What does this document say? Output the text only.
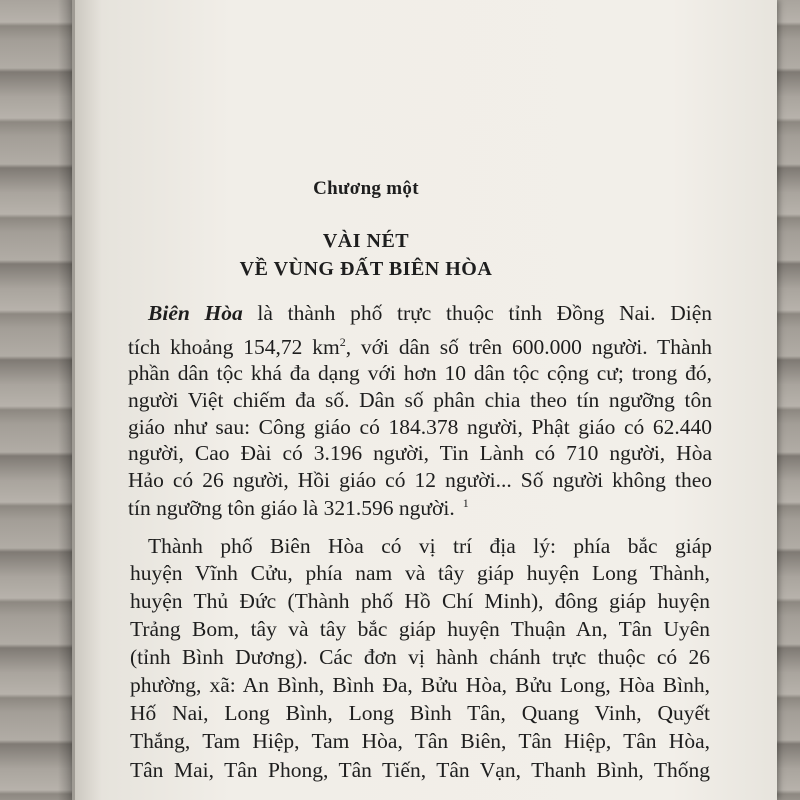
Chương một
VÀI NÉT
VỀ VÙNG ĐẤT BIÊN HÒA
Biên Hòa là thành phố trực thuộc tỉnh Đồng Nai. Diện
tích khoảng 154,72 $km^2$, với dân số trên 600.000 người. Thành
phần dân tộc khá đa dạng với hơn 10 dân tộc cộng cư; trong đó,
người Việt chiếm đa số. Dân số phân chia theo tín ngưỡng tôn
giáo như sau: Công giáo có 184.378 người, Phật giáo có 62.440
người, Cao Đài có 3.196 người, Tin Lành có 710 người, Hòa
Hảo có 26 người, Hồi giáo có 12 người... Số người không theo
tín ngưỡng tôn giáo là 321.596 người. $^1$
Thành phố Biên Hòa có vị trí địa lý: phía bắc giáp
huyện Vĩnh Cửu, phía nam và tây giáp huyện Long Thành,
huyện Thủ Đức (Thành phố Hồ Chí Minh), đông giáp huyện
Trảng Bom, tây và tây bắc giáp huyện Thuận An, Tân Uyên
(tỉnh Bình Dương). Các đơn vị hành chánh trực thuộc có 26
phường, xã: An Bình, Bình Đa, Bửu Hòa, Bửu Long, Hòa Bình,
Hố Nai, Long Bình, Long Bình Tân, Quang Vinh, Quyết
Thắng, Tam Hiệp, Tam Hòa, Tân Biên, Tân Hiệp, Tân Hòa,
Tân Mai, Tân Phong, Tân Tiến, Tân Vạn, Thanh Bình, Thống
